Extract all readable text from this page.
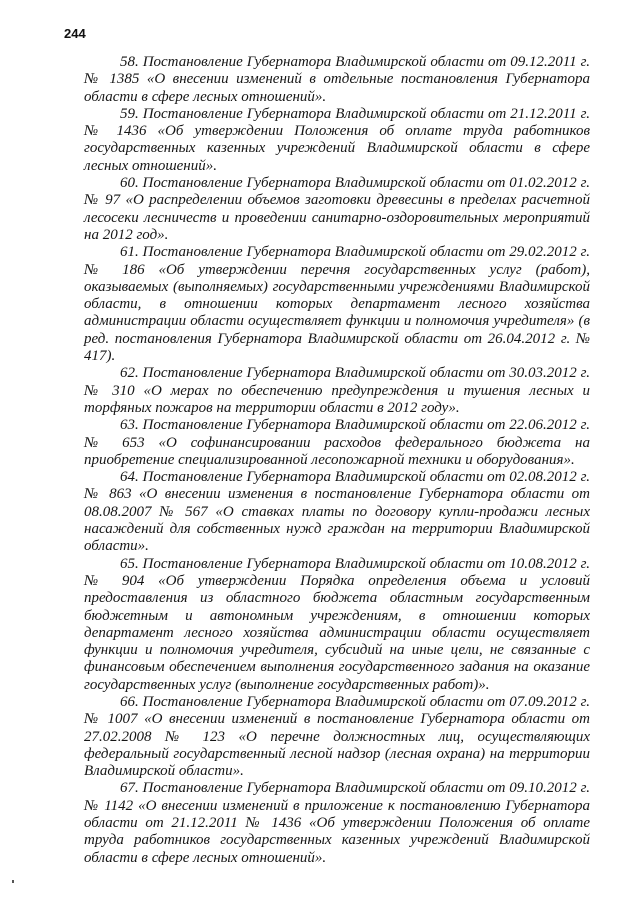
244

58. Постановление Губернатора Владимирской области от 09.12.2011 г. № 1385 «О внесении изменений в отдельные постановления Губернатора области в сфере лесных отношений».

59. Постановление Губернатора Владимирской области от 21.12.2011 г. № 1436 «Об утверждении Положения об оплате труда работников государственных казенных учреждений Владимирской области в сфере лесных отношений».

60. Постановление Губернатора Владимирской области от 01.02.2012 г. № 97 «О распределении объемов заготовки древесины в пределах расчетной лесосеки лесничеств и проведении санитарно-оздоровительных мероприятий на 2012 год».

61. Постановление Губернатора Владимирской области от 29.02.2012 г. № 186 «Об утверждении перечня государственных услуг (работ), оказываемых (выполняемых) государственными учреждениями Владимирской области, в отношении которых департамент лесного хозяйства администрации области осуществляет функции и полномочия учредителя» (в ред. постановления Губернатора Владимирской области от 26.04.2012 г. № 417).

62. Постановление Губернатора Владимирской области от 30.03.2012 г. № 310 «О мерах по обеспечению предупреждения и тушения лесных и торфяных пожаров на территории области в 2012 году».

63. Постановление Губернатора Владимирской области от 22.06.2012 г. № 653 «О софинансировании расходов федерального бюджета на приобретение специализированной лесопожарной техники и оборудования».

64. Постановление Губернатора Владимирской области от 02.08.2012 г. № 863 «О внесении изменения в постановление Губернатора области от 08.08.2007 № 567 «О ставках платы по договору купли-продажи лесных насаждений для собственных нужд граждан на территории Владимирской области».

65. Постановление Губернатора Владимирской области от 10.08.2012 г. № 904 «Об утверждении Порядка определения объема и условий предоставления из областного бюджета областным государственным бюджетным и автономным учреждениям, в отношении которых департамент лесного хозяйства администрации области осуществляет функции и полномочия учредителя, субсидий на иные цели, не связанные с финансовым обеспечением выполнения государственного задания на оказание государственных услуг (выполнение государственных работ)».

66. Постановление Губернатора Владимирской области от 07.09.2012 г. № 1007 «О внесении изменений в постановление Губернатора области от 27.02.2008 № 123 «О перечне должностных лиц, осуществляющих федеральный государственный лесной надзор (лесная охрана) на территории Владимирской области».

67. Постановление Губернатора Владимирской области от 09.10.2012 г. № 1142 «О внесении изменений в приложение к постановлению Губернатора области от 21.12.2011 № 1436 «Об утверждении Положения об оплате труда работников государственных казенных учреждений Владимирской области в сфере лесных отношений».
